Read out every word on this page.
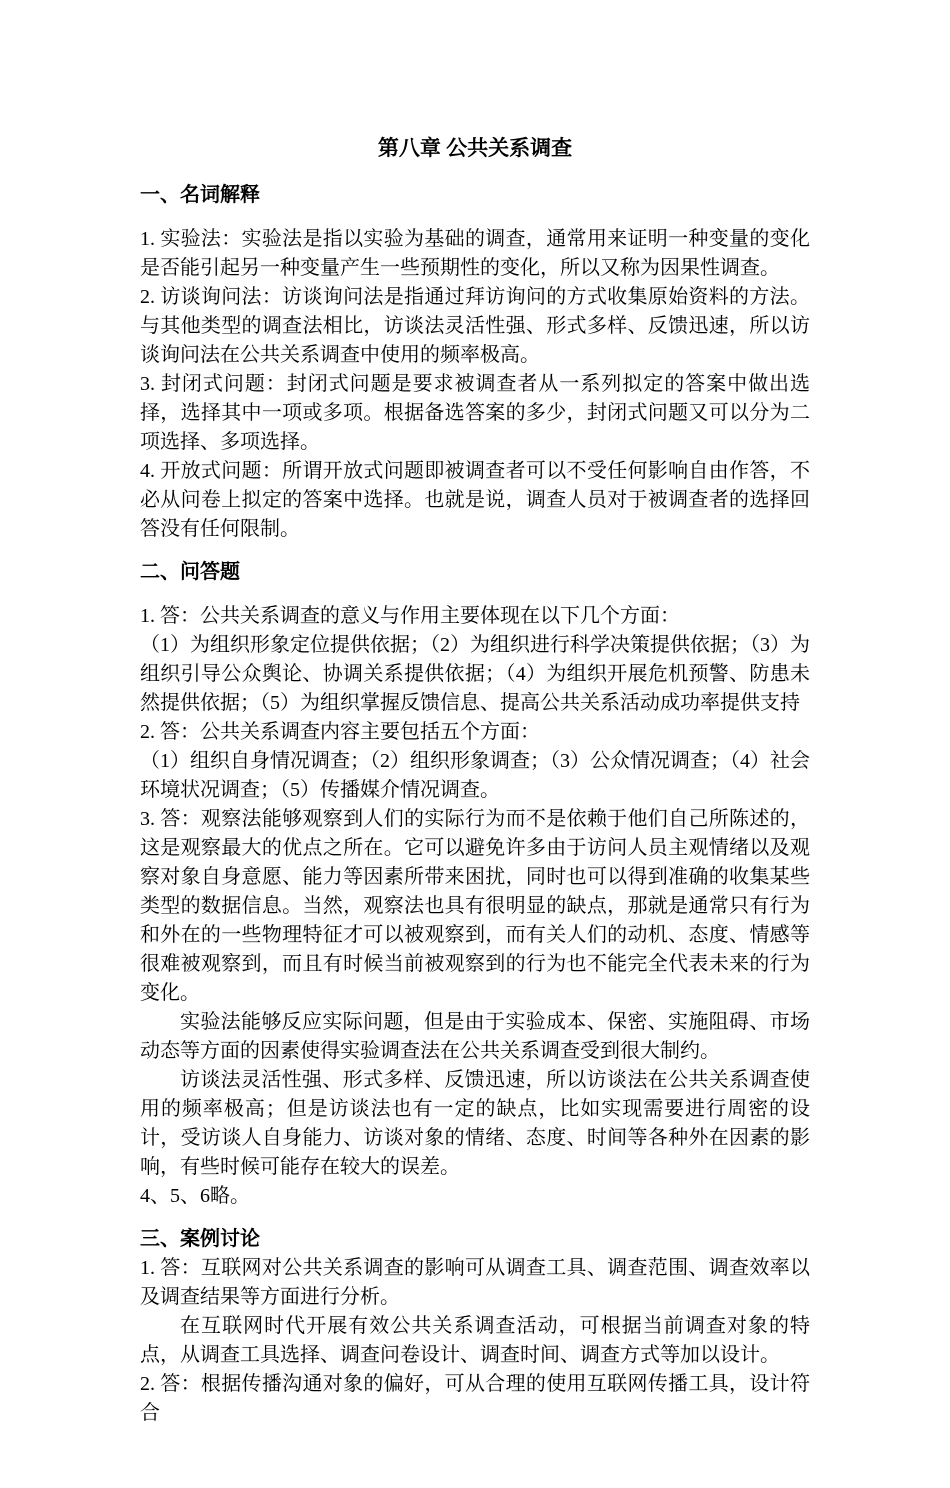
第八章 公共关系调查
一、名词解释

1. 实验法：实验法是指以实验为基础的调查，通常用来证明一种变量的变化是否能引起另一种变量产生一些预期性的变化，所以又称为因果性调查。

2. 访谈询问法：访谈询问法是指通过拜访询问的方式收集原始资料的方法。与其他类型的调查法相比，访谈法灵活性强、形式多样、反馈迅速，所以访谈询问法在公共关系调查中使用的频率极高。

3. 封闭式问题：封闭式问题是要求被调查者从一系列拟定的答案中做出选择，选择其中一项或多项。根据备选答案的多少，封闭式问题又可以分为二项选择、多项选择。

4. 开放式问题：所谓开放式问题即被调查者可以不受任何影响自由作答，不必从问卷上拟定的答案中选择。也就是说，调查人员对于被调查者的选择回答没有任何限制。

二、问答题

1. 答：公共关系调查的意义与作用主要体现在以下几个方面：

（1）为组织形象定位提供依据；（2）为组织进行科学决策提供依据；（3）为组织引导公众舆论、协调关系提供依据；（4）为组织开展危机预警、防患未然提供依据；（5）为组织掌握反馈信息、提高公共关系活动成功率提供支持

2. 答：公共关系调查内容主要包括五个方面：

（1）组织自身情况调查；（2）组织形象调查；（3）公众情况调查；（4）社会环境状况调查；（5）传播媒介情况调查。

3. 答：观察法能够观察到人们的实际行为而不是依赖于他们自己所陈述的，这是观察最大的优点之所在。它可以避免许多由于访问人员主观情绪以及观察对象自身意愿、能力等因素所带来困扰，同时也可以得到准确的收集某些类型的数据信息。当然，观察法也具有很明显的缺点，那就是通常只有行为和外在的一些物理特征才可以被观察到，而有关人们的动机、态度、情感等很难被观察到，而且有时候当前被观察到的行为也不能完全代表未来的行为变化。

实验法能够反应实际问题，但是由于实验成本、保密、实施阻碍、市场动态等方面的因素使得实验调查法在公共关系调查受到很大制约。

访谈法灵活性强、形式多样、反馈迅速，所以访谈法在公共关系调查使用的频率极高；但是访谈法也有一定的缺点，比如实现需要进行周密的设计，受访谈人自身能力、访谈对象的情绪、态度、时间等各种外在因素的影响，有些时候可能存在较大的误差。

4、5、6略。

三、案例讨论

1. 答：互联网对公共关系调查的影响可从调查工具、调查范围、调查效率以及调查结果等方面进行分析。

在互联网时代开展有效公共关系调查活动，可根据当前调查对象的特点，从调查工具选择、调查问卷设计、调查时间、调查方式等加以设计。

2. 答：根据传播沟通对象的偏好，可从合理的使用互联网传播工具，设计符合
